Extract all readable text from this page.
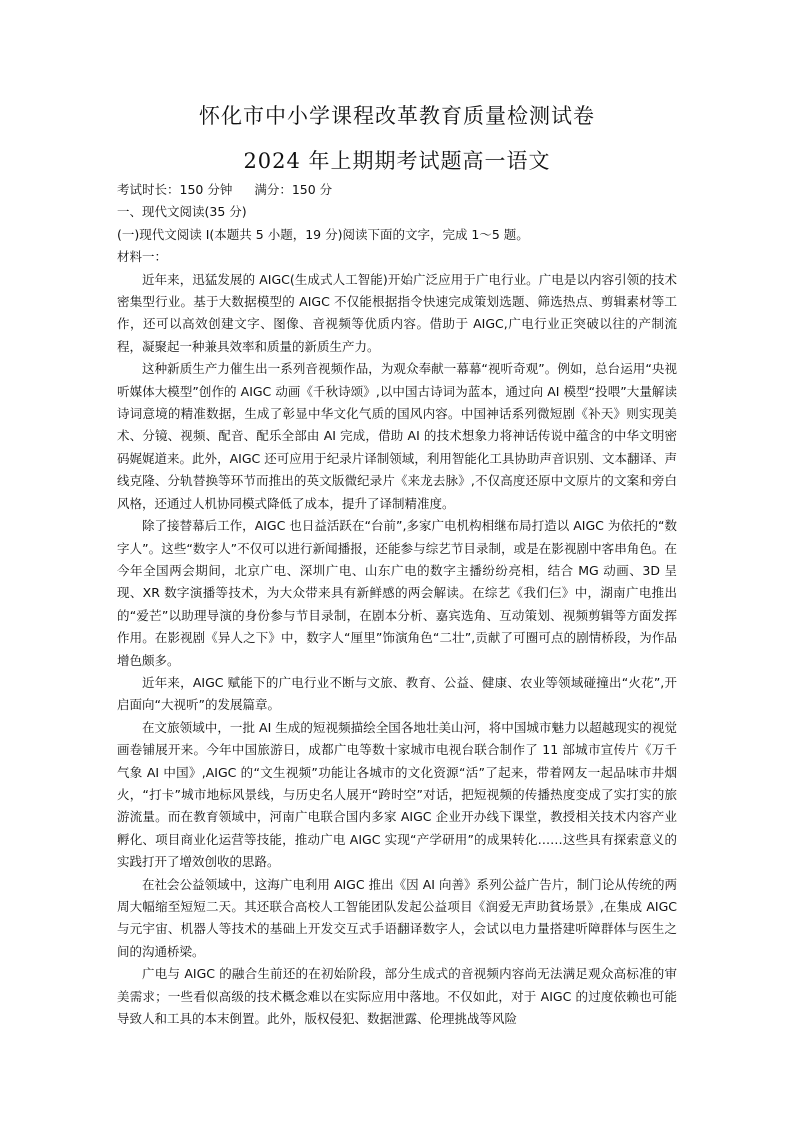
怀化市中小学课程改革教育质量检测试卷
2024 年上期期考试题高一语文
考试时长：150 分钟 满分：150 分

一、现代文阅读(35 分)

(一)现代文阅读 I(本题共 5 小题，19 分)阅读下面的文字，完成 1～5 题。

材料一：

近年来，迅猛发展的 AIGC(生成式人工智能)开始广泛应用于广电行业。广电是以内容引领的技术密集型行业。基于大数据模型的 AIGC 不仅能根据指令快速完成策划选题、筛选热点、剪辑素材等工作，还可以高效创建文字、图像、音视频等优质内容。借助于 AIGC,广电行业正突破以往的产制流程，凝聚起一种兼具效率和质量的新质生产力。

这种新质生产力催生出一系列音视频作品，为观众奉献一幕幕“视听奇观”。例如，总台运用“央视听媒体大模型”创作的 AIGC 动画《千秋诗颂》,以中国古诗词为蓝本，通过向 AI 模型“投喂”大量解读诗词意境的精准数据，生成了彰显中华文化气质的国风内容。中国神话系列微短剧《补天》则实现美术、分镜、视频、配音、配乐全部由 AI 完成，借助 AI 的技术想象力将神话传说中蕴含的中华文明密码娓娓道来。此外，AIGC 还可应用于纪录片译制领域，利用智能化工具协助声音识别、文本翻译、声线克隆、分轨替换等环节而推出的英文版微纪录片《来龙去脉》,不仅高度还原中文原片的文案和旁白风格，还通过人机协同模式降低了成本，提升了译制精准度。

除了接替幕后工作，AIGC 也日益活跃在“台前”,多家广电机构相继布局打造以 AIGC 为依托的“数字人”。这些“数字人”不仅可以进行新闻播报，还能参与综艺节目录制，或是在影视剧中客串角色。在今年全国两会期间，北京广电、深圳广电、山东广电的数字主播纷纷亮相，结合 MG 动画、3D 呈现、XR 数字演播等技术，为大众带来具有新鲜感的两会解读。在综艺《我们仨》中，湖南广电推出的“爱芒”以助理导演的身份参与节目录制，在剧本分析、嘉宾选角、互动策划、视频剪辑等方面发挥作用。在影视剧《异人之下》中，数字人“厘里”饰演角色“二壮”,贡献了可圈可点的剧情桥段，为作品增色颇多。

近年来，AIGC 赋能下的广电行业不断与文旅、教育、公益、健康、农业等领域碰撞出“火花”,开启面向“大视听”的发展篇章。

在文旅领域中，一批 AI 生成的短视频描绘全国各地壮美山河，将中国城市魅力以超越现实的视觉画卷铺展开来。今年中国旅游日，成都广电等数十家城市电视台联合制作了 11 部城市宣传片《万千气象 AI 中国》,AIGC 的“文生视频”功能让各城市的文化资源“活”了起来，带着网友一起品味市井烟火，“打卡”城市地标风景线，与历史名人展开“跨时空”对话，把短视频的传播热度变成了实打实的旅游流量。而在教育领域中，河南广电联合国内多家 AIGC 企业开办线下课堂，教授相关技术内容产业孵化、项目商业化运营等技能，推动广电 AIGC 实现“产学研用”的成果转化……这些具有探索意义的实践打开了增效创收的思路。

在社会公益领域中，这海广电利用 AIGC 推出《因 AI 向善》系列公益广告片，制门论从传统的两周大幅缩至短短二天。其还联合高校人工智能团队发起公益项目《润爱无声助貧场景》,在集成 AIGC 与元宇宙、机器人等技术的基础上开发交互式手语翻译数字人，会试以电力量搭建听障群体与医生之间的沟通桥梁。

广电与 AIGC 的融合生前还的在初始阶段，部分生成式的音视频内容尚无法满足观众高标准的审美需求；一些看似高级的技术概念难以在实际应用中落地。不仅如此，对于 AIGC 的过度依赖也可能导致人和工具的本末倒置。此外，版权侵犯、数据泄露、伦理挑战等风险
